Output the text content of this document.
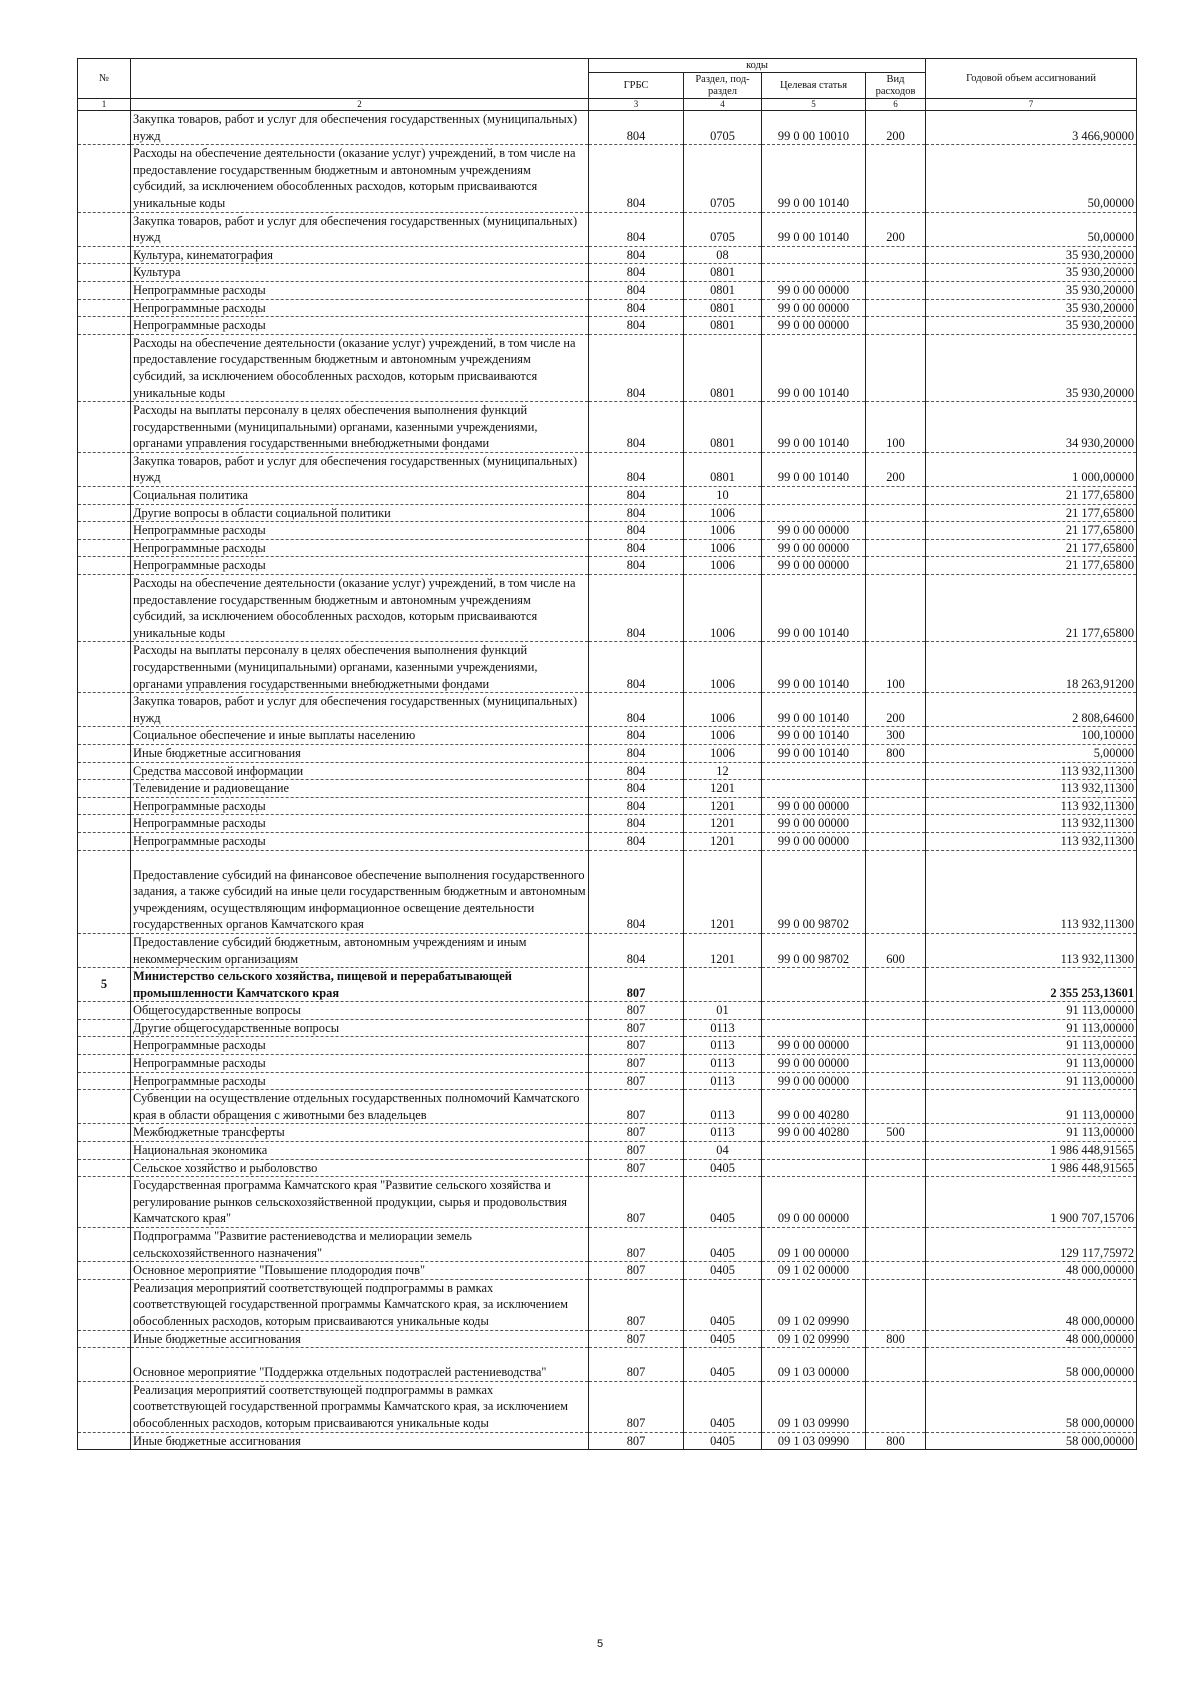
№		коды				Годовой объем ассигнований
		ГРБС	Раздел, под-раздел	Целевая статья	Вид расходов	
1	2	3	4	5	6	7
	Закупка товаров, работ и услуг для обеспечения государственных (муниципальных) нужд	804	0705	99 0 00 10010	200	3 466,90000
	Расходы на обеспечение деятельности (оказание услуг) учреждений, в том числе на предоставление государственным бюджетным и автономным учреждениям субсидий, за исключением обособленных расходов, которым присваиваются уникальные коды	804	0705	99 0 00 10140		50,00000
	Закупка товаров, работ и услуг для обеспечения государственных (муниципальных) нужд	804	0705	99 0 00 10140	200	50,00000
	Культура, кинематография	804	08			35 930,20000
	Культура	804	0801			35 930,20000
	Непрограммные расходы	804	0801	99 0 00 00000		35 930,20000
	Непрограммные расходы	804	0801	99 0 00 00000		35 930,20000
	Непрограммные расходы	804	0801	99 0 00 00000		35 930,20000
	Расходы на обеспечение деятельности (оказание услуг) учреждений, в том числе на предоставление государственным бюджетным и автономным учреждениям субсидий, за исключением обособленных расходов, которым присваиваются уникальные коды	804	0801	99 0 00 10140		35 930,20000
	Расходы на выплаты персоналу в целях обеспечения выполнения функций государственными (муниципальными) органами, казенными учреждениями, органами управления государственными внебюджетными фондами	804	0801	99 0 00 10140	100	34 930,20000
	Закупка товаров, работ и услуг для обеспечения государственных (муниципальных) нужд	804	0801	99 0 00 10140	200	1 000,00000
	Социальная политика	804	10			21 177,65800
	Другие вопросы в области социальной политики	804	1006			21 177,65800
	Непрограммные расходы	804	1006	99 0 00 00000		21 177,65800
	Непрограммные расходы	804	1006	99 0 00 00000		21 177,65800
	Непрограммные расходы	804	1006	99 0 00 00000		21 177,65800
	Расходы на обеспечение деятельности (оказание услуг) учреждений, в том числе на предоставление государственным бюджетным и автономным учреждениям субсидий, за исключением обособленных расходов, которым присваиваются уникальные коды	804	1006	99 0 00 10140		21 177,65800
	Расходы на выплаты персоналу в целях обеспечения выполнения функций государственными (муниципальными) органами, казенными учреждениями, органами управления государственными внебюджетными фондами	804	1006	99 0 00 10140	100	18 263,91200
	Закупка товаров, работ и услуг для обеспечения государственных (муниципальных) нужд	804	1006	99 0 00 10140	200	2 808,64600
	Социальное обеспечение и иные выплаты населению	804	1006	99 0 00 10140	300	100,10000
	Иные бюджетные ассигнования	804	1006	99 0 00 10140	800	5,00000
	Средства массовой информации	804	12			113 932,11300
	Телевидение и радиовещание	804	1201			113 932,11300
	Непрограммные расходы	804	1201	99 0 00 00000		113 932,11300
	Непрограммные расходы	804	1201	99 0 00 00000		113 932,11300
	Непрограммные расходы	804	1201	99 0 00 00000		113 932,11300
	Предоставление субсидий на финансовое обеспечение выполнения государственного задания, а также субсидий на иные цели государственным бюджетным и автономным учреждениям, осуществляющим информационное освещение деятельности государственных органов Камчатского края	804	1201	99 0 00 98702		113 932,11300
	Предоставление субсидий бюджетным, автономным учреждениям и иным некоммерческим организациям	804	1201	99 0 00 98702	600	113 932,11300
5	Министерство сельского хозяйства, пищевой и перерабатывающей промышленности Камчатского края	807				2 355 253,13601
	Общегосударственные вопросы	807	01			91 113,00000
	Другие общегосударственные вопросы	807	0113			91 113,00000
	Непрограммные расходы	807	0113	99 0 00 00000		91 113,00000
	Непрограммные расходы	807	0113	99 0 00 00000		91 113,00000
	Непрограммные расходы	807	0113	99 0 00 00000		91 113,00000
	Субвенции на осуществление отдельных государственных полномочий Камчатского края в области обращения с животными без владельцев	807	0113	99 0 00 40280		91 113,00000
	Межбюджетные трансферты	807	0113	99 0 00 40280	500	91 113,00000
	Национальная экономика	807	04			1 986 448,91565
	Сельское хозяйство и рыболовство	807	0405			1 986 448,91565
	Государственная программа Камчатского края "Развитие сельского хозяйства и регулирование рынков сельскохозяйственной продукции, сырья и продовольствия Камчатского края"	807	0405	09 0 00 00000		1 900 707,15706
	Подпрограмма "Развитие растениеводства и мелиорации земель сельскохозяйственного назначения"	807	0405	09 1 00 00000		129 117,75972
	Основное мероприятие "Повышение плодородия почв"	807	0405	09 1 02 00000		48 000,00000
	Реализация мероприятий соответствующей подпрограммы в рамках соответствующей государственной программы Камчатского края, за исключением обособленных расходов, которым присваиваются уникальные коды	807	0405	09 1 02 09990		48 000,00000
	Иные бюджетные ассигнования	807	0405	09 1 02 09990	800	48 000,00000
	Основное мероприятие "Поддержка отдельных подотраслей растениеводства"	807	0405	09 1 03 00000		58 000,00000
	Реализация мероприятий соответствующей подпрограммы в рамках соответствующей государственной программы Камчатского края, за исключением обособленных расходов, которым присваиваются уникальные коды	807	0405	09 1 03 09990		58 000,00000
	Иные бюджетные ассигнования	807	0405	09 1 03 09990	800	58 000,00000
5
